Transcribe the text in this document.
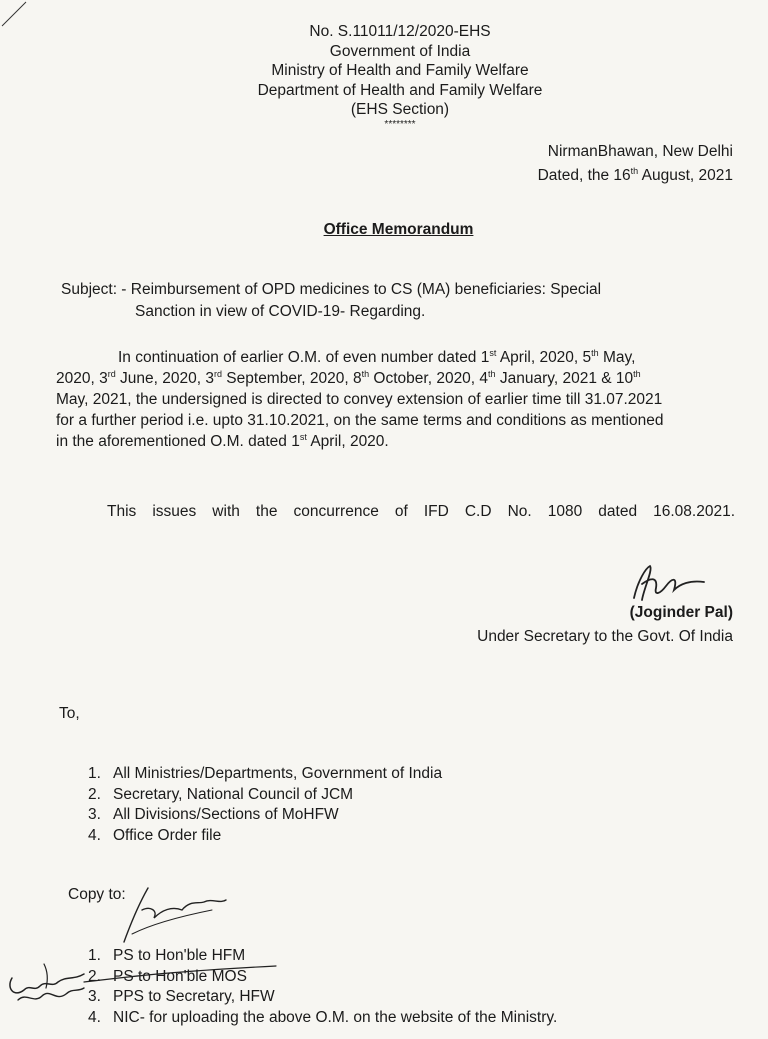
No. S.11011/12/2020-EHS
Government of India
Ministry of Health and Family Welfare
Department of Health and Family Welfare
(EHS Section)
********
NirmanBhawan, New Delhi
Dated, the 16th August, 2021
Office Memorandum
Subject: - Reimbursement of OPD medicines to CS (MA) beneficiaries: Special
Sanction in view of COVID-19- Regarding.
In continuation of earlier O.M. of even number dated 1st April, 2020, 5th May,
2020, 3rd June, 2020, 3rd September, 2020, 8th October, 2020, 4th January, 2021 & 10th
May, 2021, the undersigned is directed to convey extension of earlier time till 31.07.2021
for a further period i.e. upto 31.10.2021, on the same terms and conditions as mentioned
in the aforementioned O.M. dated 1st April, 2020.
This issues with the concurrence of IFD C.D No. 1080 dated 16.08.2021.
(Joginder Pal)
Under Secretary to the Govt. Of India
To,
1. All Ministries/Departments, Government of India
2. Secretary, National Council of JCM
3. All Divisions/Sections of MoHFW
4. Office Order file
Copy to:
1. PS to Hon'ble HFM
2. PS to Hon'ble MOS
3. PPS to Secretary, HFW
4. NIC- for uploading the above O.M. on the website of the Ministry.
